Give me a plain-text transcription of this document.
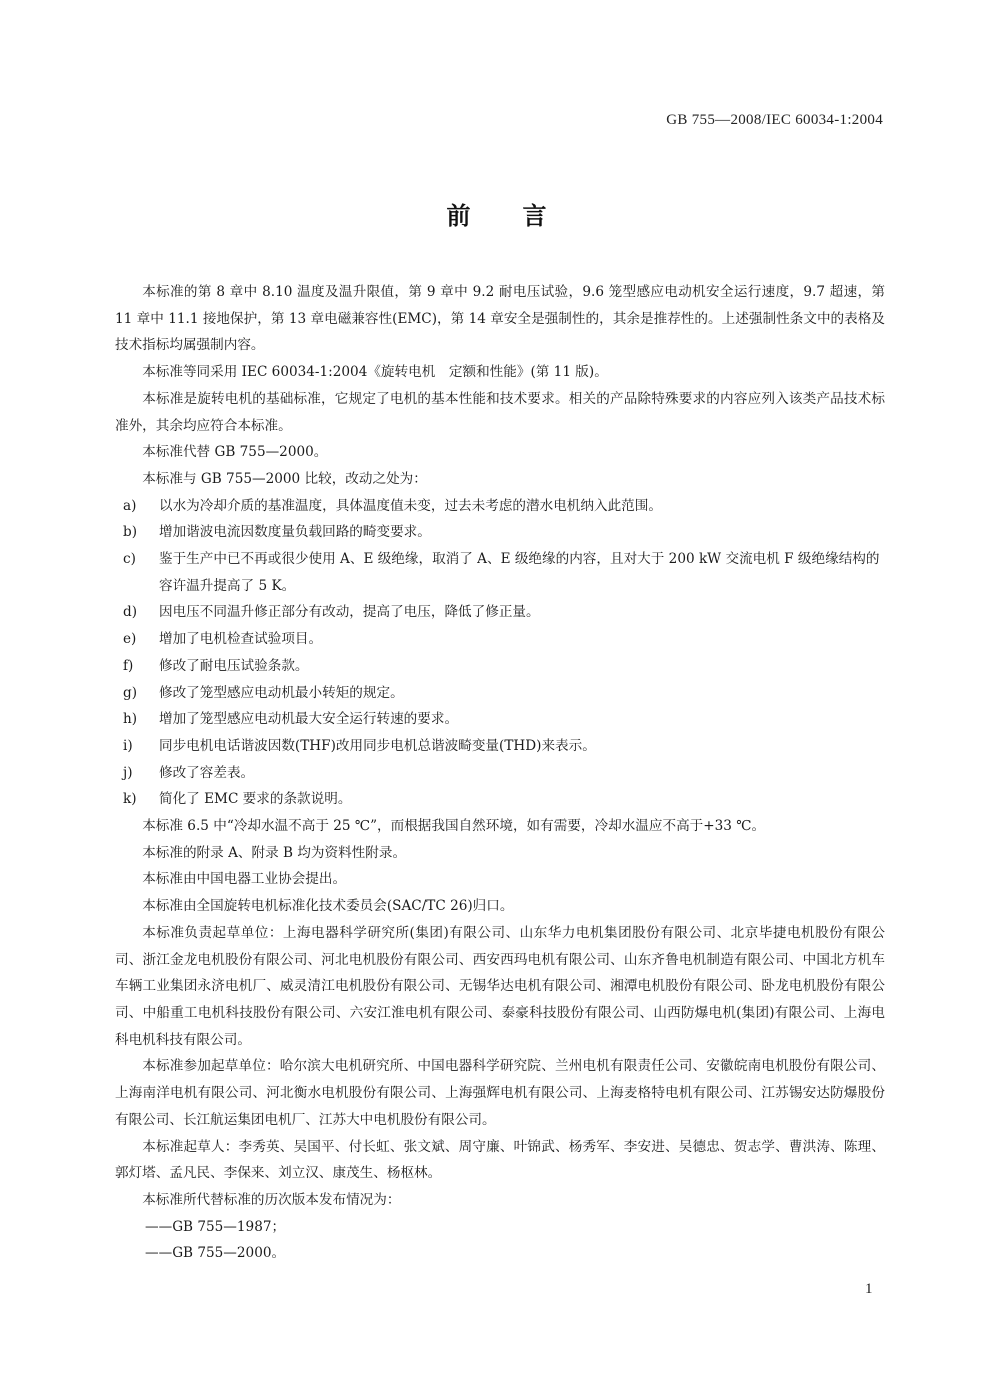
GB 755—2008/IEC 60034-1:2004
前言

本标准的第 8 章中 8.10 温度及温升限值，第 9 章中 9.2 耐电压试验，9.6 笼型感应电动机安全运行速度，9.7 超速，第 11 章中 11.1 接地保护，第 13 章电磁兼容性(EMC)，第 14 章安全是强制性的，其余是推荐性的。上述强制性条文中的表格及技术指标均属强制内容。

本标准等同采用 IEC 60034-1:2004《旋转电机　定额和性能》(第 11 版)。

本标准是旋转电机的基础标准，它规定了电机的基本性能和技术要求。相关的产品除特殊要求的内容应列入该类产品技术标准外，其余均应符合本标准。

本标准代替 GB 755—2000。

本标准与 GB 755—2000 比较，改动之处为：

a)	以水为冷却介质的基准温度，具体温度值未变，过去未考虑的潜水电机纳入此范围。
b)	增加谐波电流因数度量负载回路的畸变要求。
c)	鉴于生产中已不再或很少使用 A、E 级绝缘，取消了 A、E 级绝缘的内容，且对大于 200 kW 交流电机 F 级绝缘结构的容许温升提高了 5 K。
d)	因电压不同温升修正部分有改动，提高了电压，降低了修正量。
e)	增加了电机检查试验项目。
f)	修改了耐电压试验条款。
g)	修改了笼型感应电动机最小转矩的规定。
h)	增加了笼型感应电动机最大安全运行转速的要求。
i)	同步电机电话谐波因数(THF)改用同步电机总谐波畸变量(THD)来表示。
j)	修改了容差表。
k)	简化了 EMC 要求的条款说明。

本标准 6.5 中“冷却水温不高于 25 ℃”，而根据我国自然环境，如有需要，冷却水温应不高于+33 ℃。

本标准的附录 A、附录 B 均为资料性附录。

本标准由中国电器工业协会提出。

本标准由全国旋转电机标准化技术委员会(SAC/TC 26)归口。

本标准负责起草单位：上海电器科学研究所(集团)有限公司、山东华力电机集团股份有限公司、北京毕捷电机股份有限公司、浙江金龙电机股份有限公司、河北电机股份有限公司、西安西玛电机有限公司、山东齐鲁电机制造有限公司、中国北方机车车辆工业集团永济电机厂、威灵清江电机股份有限公司、无锡华达电机有限公司、湘潭电机股份有限公司、卧龙电机股份有限公司、中船重工电机科技股份有限公司、六安江淮电机有限公司、泰豪科技股份有限公司、山西防爆电机(集团)有限公司、上海电科电机科技有限公司。

本标准参加起草单位：哈尔滨大电机研究所、中国电器科学研究院、兰州电机有限责任公司、安徽皖南电机股份有限公司、上海南洋电机有限公司、河北衡水电机股份有限公司、上海强辉电机有限公司、上海麦格特电机有限公司、江苏锡安达防爆股份有限公司、长江航运集团电机厂、江苏大中电机股份有限公司。

本标准起草人：李秀英、吴国平、付长虹、张文斌、周守廉、叶锦武、杨秀军、李安进、吴德忠、贺志学、曹洪涛、陈理、郭灯塔、孟凡民、李保来、刘立汉、康茂生、杨枢林。

本标准所代替标准的历次版本发布情况为：

——GB 755—1987；

——GB 755—2000。

1
